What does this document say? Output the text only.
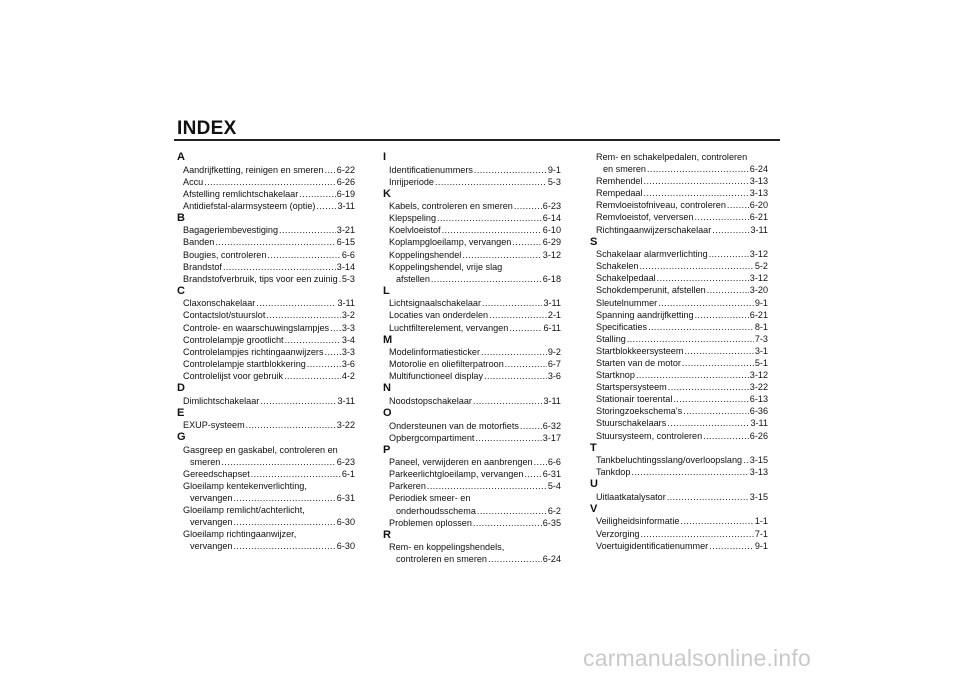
INDEX
A
Aandrijfketting, reinigen en smeren ..... 6-22
Accu .....	6-26
Afstelling remlichtschakelaar .....	6-19
Antidiefstal-alarmsysteem (optie) ..... 3-11
B
Bagageriembevestiging .....	3-21
Banden .....	6-15
Bougies, controleren .....	6-6
Brandstof .....	3-14
Brandstofverbruik, tips voor een zuinig ..... 5-3
C
Claxonschakelaar .....	3-11
Contactslot/stuurslot .....	3-2
Controle- en waarschuwingslampjes ..... 3-3
Controlelampje grootlicht .....	3-4
Controlelampjes richtingaanwijzers ..... 3-3
Controlelampje startblokkering .....	3-6
Controlelijst voor gebruik .....	4-2
D
Dimlichtschakelaar .....	3-11
E
EXUP-systeem .....	3-22
G
Gasgreep en gaskabel, controleren en
smeren .....	6-23
Gereedschapset .....	6-1
Gloeilamp kentekenverlichting,
vervangen .....	6-31
Gloeilamp remlicht/achterlicht,
vervangen .....	6-30
Gloeilamp richtingaanwijzer,
vervangen .....	6-30
I
Identificatienummers .....	9-1
Inrijperiode .....	5-3
K
Kabels, controleren en smeren .....	6-23
Klepspeling .....	6-14
Koelvloeistof .....	6-10
Koplampgloeilamp, vervangen .....	6-29
Koppelingshendel .....	3-12
Koppelingshendel, vrije slag
afstellen .....	6-18
L
Lichtsignaalschakelaar .....	3-11
Locaties van onderdelen .....	2-1
Luchtfilterelement, vervangen .....	6-11
M
Modelinformatiesticker .....	9-2
Motorolie en oliefilterpatroon .....	6-7
Multifunctioneel display .....	3-6
N
Noodstopschakelaar .....	3-11
O
Ondersteunen van de motorfiets .....	6-32
Opbergcompartiment .....	3-17
P
Paneel, verwijderen en aanbrengen ..... 6-6
Parkeerlichtgloeilamp, vervangen ..... 6-31
Parkeren .....	5-4
Periodiek smeer- en
onderhoudsschema .....	6-2
Problemen oplossen .....	6-35
R
Rem- en koppelingshendels,
controleren en smeren .....	6-24
Rem- en schakelpedalen, controleren
en smeren .....	6-24
Remhendel .....	3-13
Rempedaal .....	3-13
Remvloeistofniveau, controleren .....	6-20
Remvloeistof, verversen .....	6-21
Richtingaanwijzerschakelaar .....	3-11
S
Schakelaar alarmverlichting .....	3-12
Schakelen .....	5-2
Schakelpedaal .....	3-12
Schokdemperunit, afstellen .....	3-20
Sleutelnummer .....	9-1
Spanning aandrijfketting .....	6-21
Specificaties .....	8-1
Stalling .....	7-3
Startblokkeersysteem .....	3-1
Starten van de motor .....	5-1
Startknop .....	3-12
Startspersysteem .....	3-22
Stationair toerental .....	6-13
Storingzoekschema's .....	6-36
Stuurschakelaars .....	3-11
Stuursysteem, controleren .....	6-26
T
Tankbeluchtingsslang/overloopslang ..... 3-15
Tankdop .....	3-13
U
Uitlaatkatalysator .....	3-15
V
Veiligheidsinformatie .....	1-1
Verzorging .....	7-1
Voertuigidentificatienummer .....	9-1
carmanualsonline.info
